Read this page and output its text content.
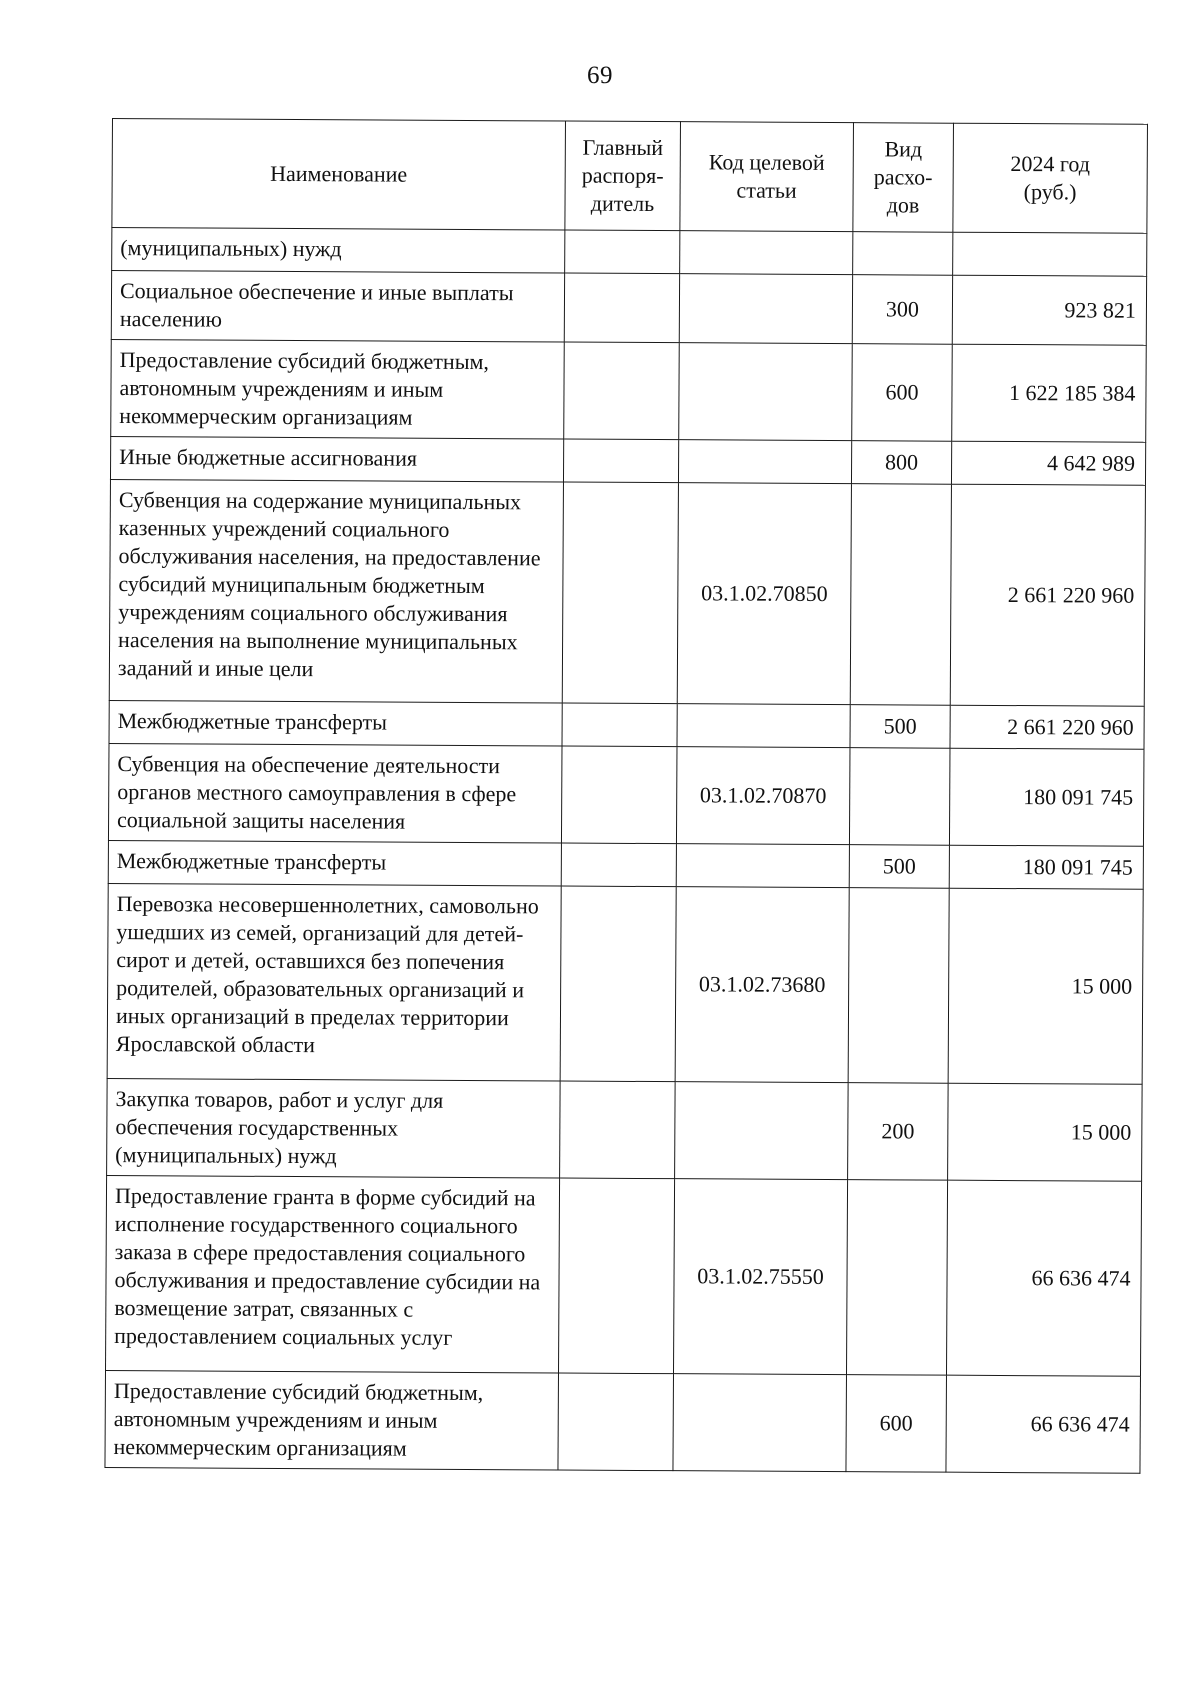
69
Наименование	Главный
распоря-
дитель	Код целевой
статьи	Вид
расхо-
дов	2024 год
(руб.)
(муниципальных) нужд				
Социальное обеспечение и иные выплаты населению			300	923 821
Предоставление субсидий бюджетным, автономным учреждениям и иным некоммерческим организациям			600	1 622 185 384
Иные бюджетные ассигнования			800	4 642 989
Субвенция на содержание муниципальных казенных учреждений социального обслуживания населения, на предоставление субсидий муниципальным бюджетным учреждениям социального обслуживания населения на выполнение муниципальных заданий и иные цели		03.1.02.70850		2 661 220 960
Межбюджетные трансферты			500	2 661 220 960
Субвенция на обеспечение деятельности органов местного самоуправления в сфере социальной защиты населения		03.1.02.70870		180 091 745
Межбюджетные трансферты			500	180 091 745
Перевозка несовершеннолетних, самовольно ушедших из семей, организаций для детей-сирот и детей, оставшихся без попечения родителей, образовательных организаций и иных организаций в пределах территории Ярославской области		03.1.02.73680		15 000
Закупка товаров, работ и услуг для обеспечения государственных (муниципальных) нужд			200	15 000
Предоставление гранта в форме субсидий на исполнение государственного социального заказа в сфере предоставления социального обслуживания и предоставление субсидии на возмещение затрат, связанных с предоставлением социальных услуг		03.1.02.75550		66 636 474
Предоставление субсидий бюджетным, автономным учреждениям и иным некоммерческим организациям			600	66 636 474
